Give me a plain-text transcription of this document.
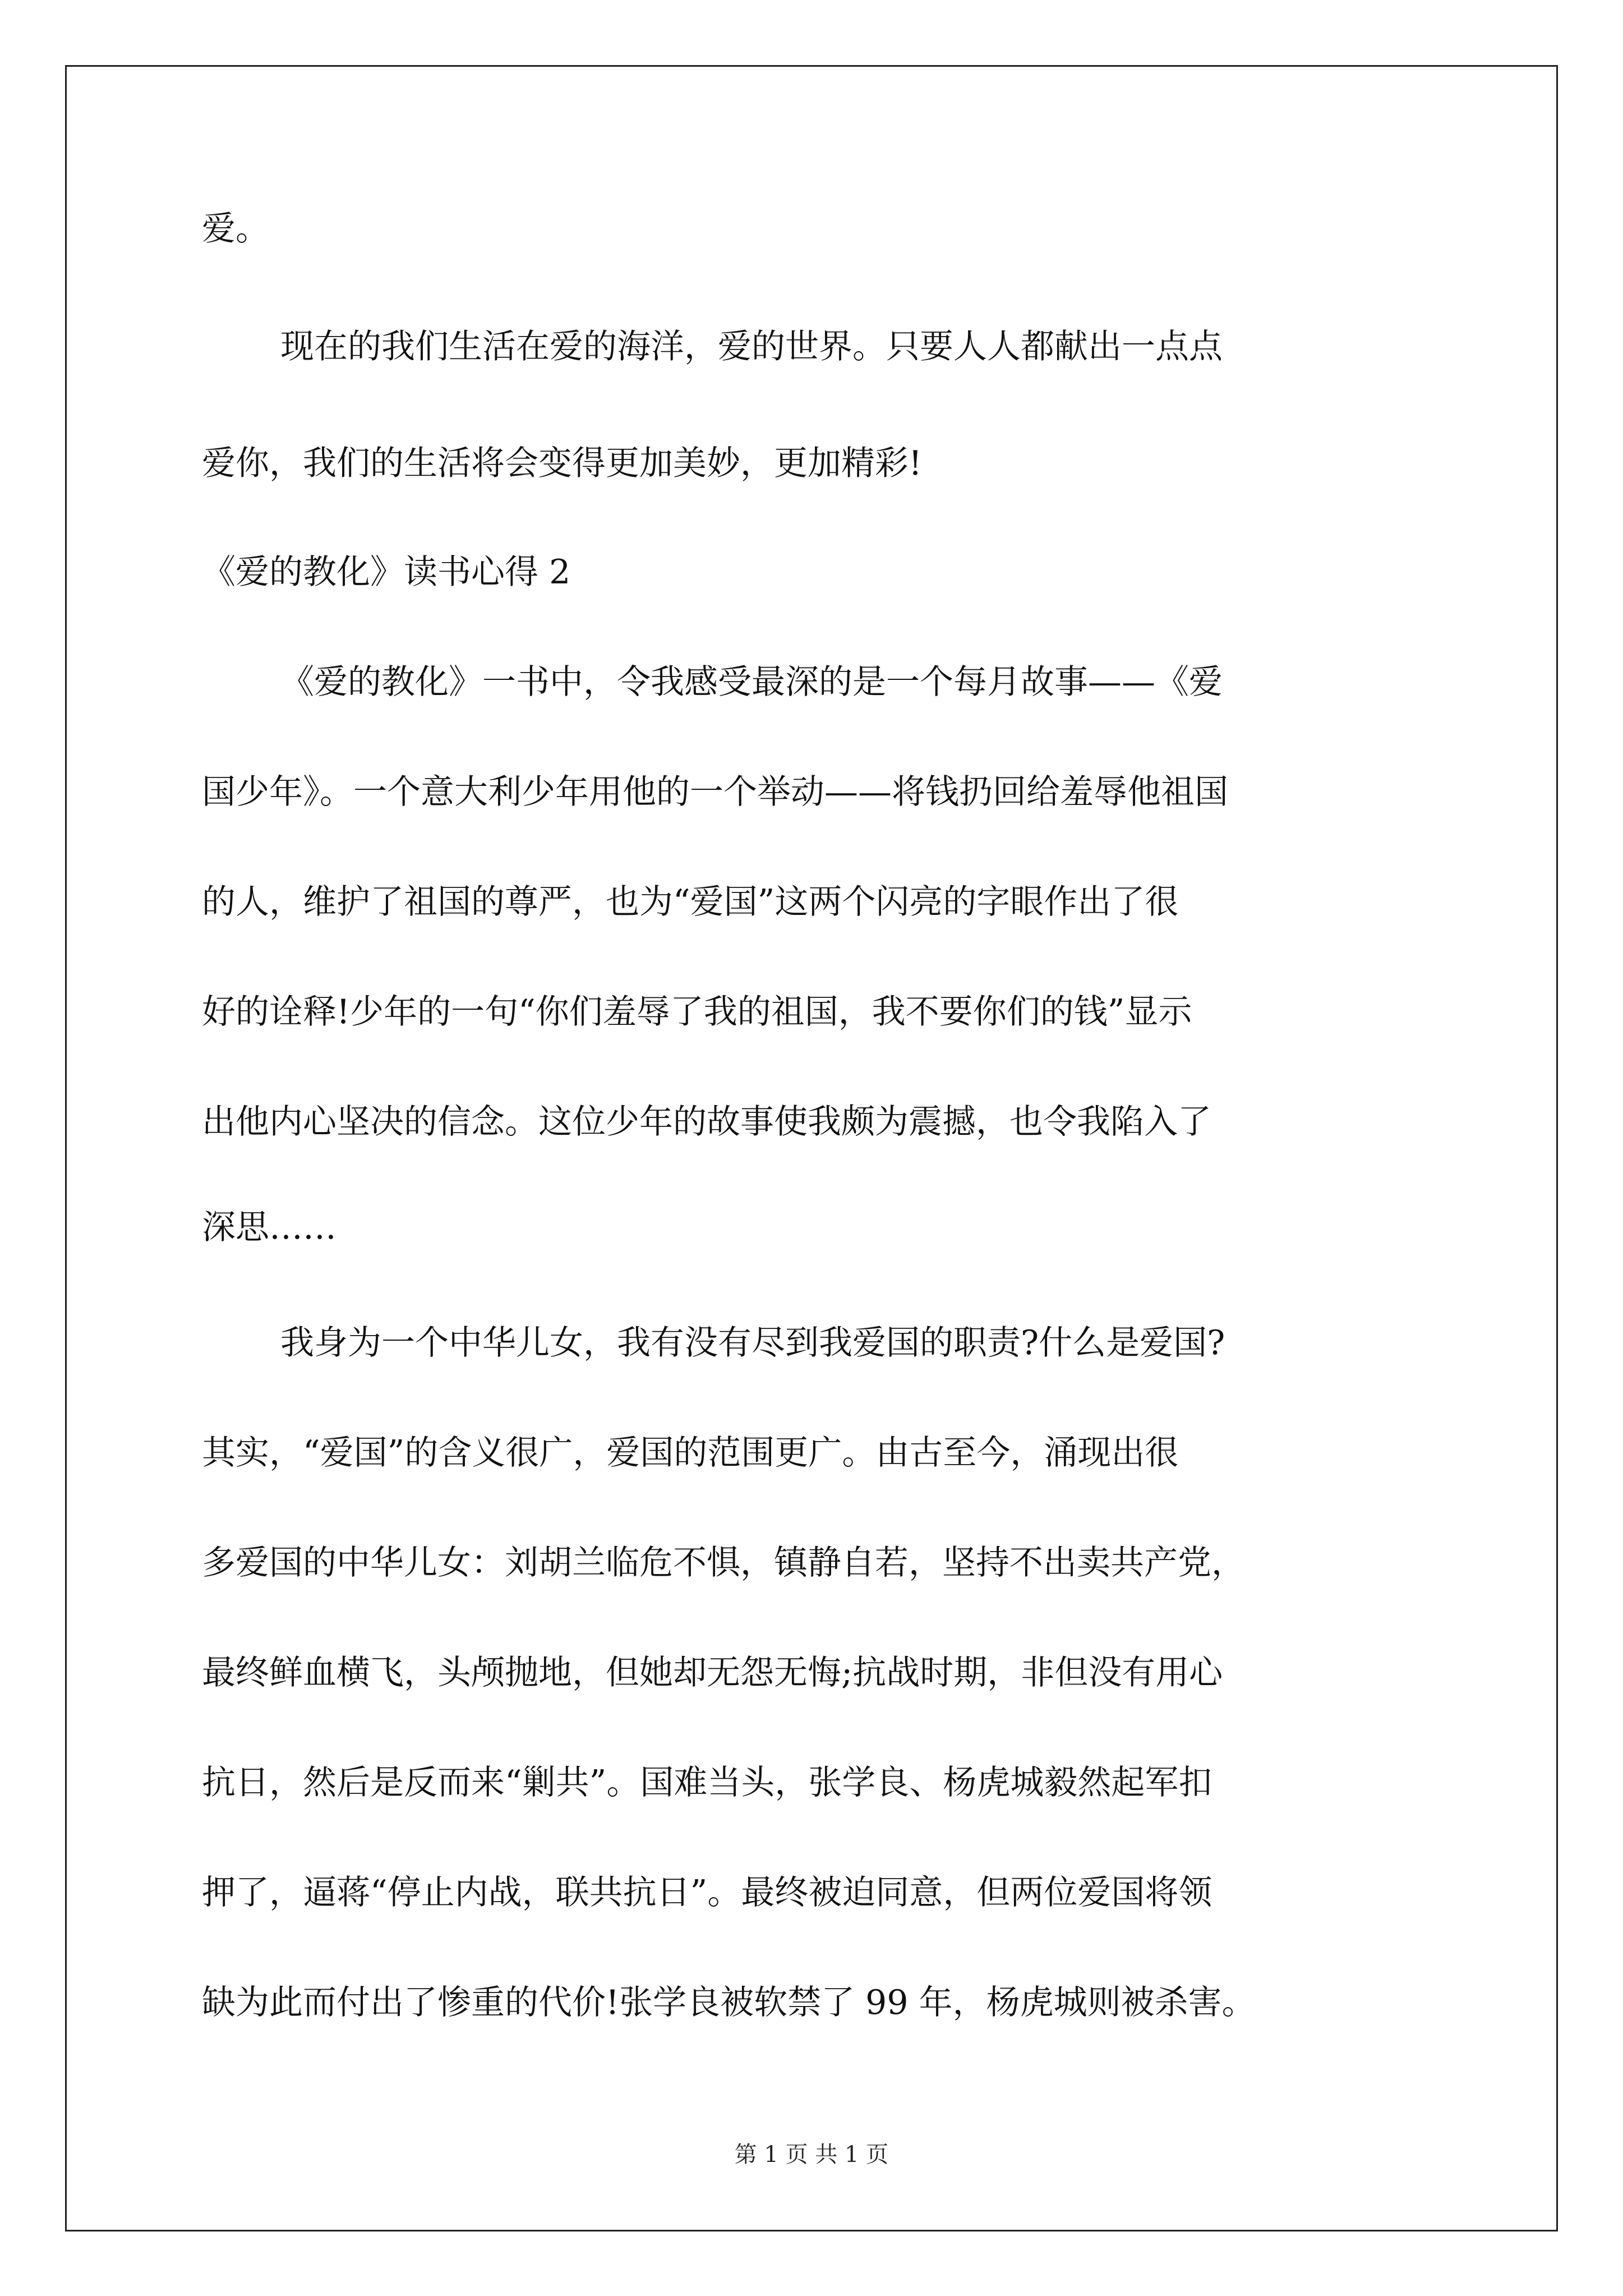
爱。
现在的我们生活在爱的海洋，爱的世界。只要人人都献出一点点
爱你，我们的生活将会变得更加美妙，更加精彩!
《爱的教化》读书心得 2
《爱的教化》一书中，令我感受最深的是一个每月故事——《爱
国少年》。一个意大利少年用他的一个举动——将钱扔回给羞辱他祖国
的人，维护了祖国的尊严，也为“爱国”这两个闪亮的字眼作出了很
好的诠释!少年的一句“你们羞辱了我的祖国，我不要你们的钱”显示
出他内心坚决的信念。这位少年的故事使我颇为震撼，也令我陷入了
深思……
我身为一个中华儿女，我有没有尽到我爱国的职责?什么是爱国?
其实，“爱国”的含义很广，爱国的范围更广。由古至今，涌现出很
多爱国的中华儿女：刘胡兰临危不惧，镇静自若，坚持不出卖共产党，
最终鲜血横飞，头颅抛地，但她却无怨无悔;抗战时期，非但没有用心
抗日，然后是反而来“剿共”。国难当头，张学良、杨虎城毅然起军扣
押了，逼蒋“停止内战，联共抗日”。最终被迫同意，但两位爱国将领
缺为此而付出了惨重的代价!张学良被软禁了 99 年，杨虎城则被杀害。
第 1 页 共 1 页
